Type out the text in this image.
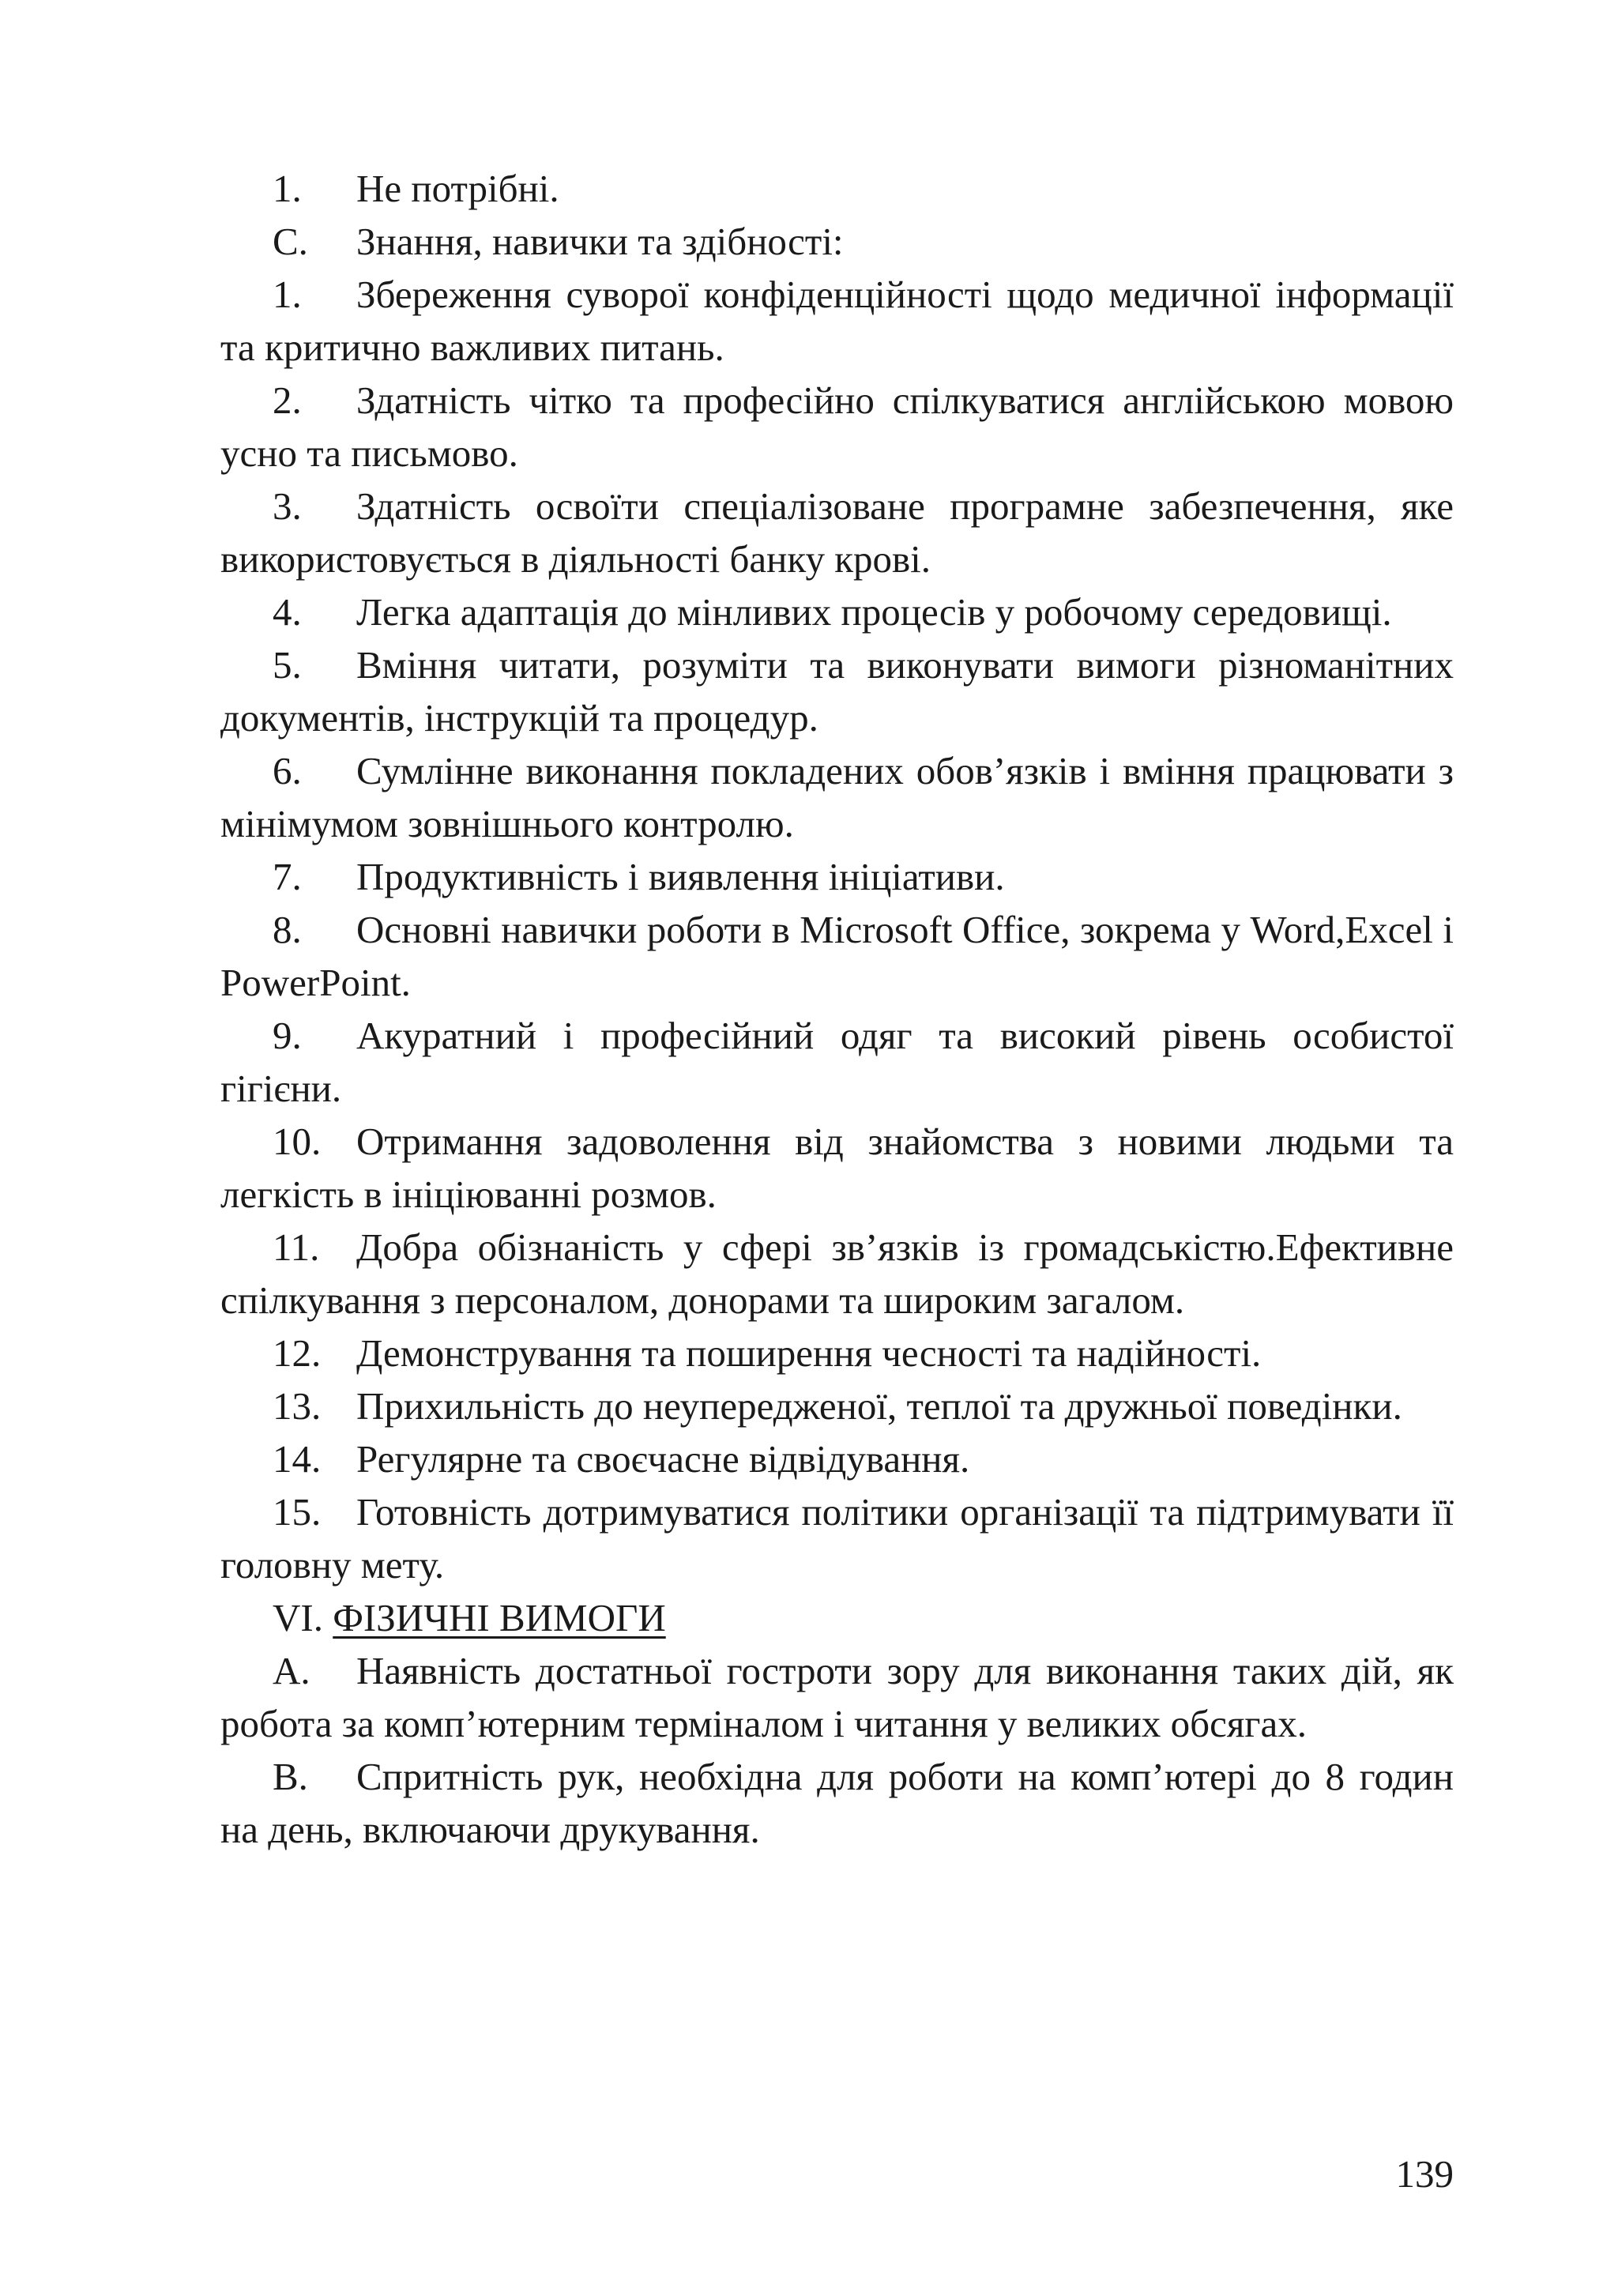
1. Не потрібні.

С. Знання, навички та здібності:

1. Збереження суворої конфіденційності щодо медичної інформації та критично важливих питань.

2. Здатність чітко та професійно спілкуватися англійською мовою усно та письмово.

3. Здатність освоїти спеціалізоване програмне забезпечення, яке використовується в діяльності банку крові.

4. Легка адаптація до мінливих процесів у робочому середовищі.

5. Вміння читати, розуміти та виконувати вимоги різноманітних документів, інструкцій та процедур.

6. Сумлінне виконання покладених обов’язків і вміння працювати з мінімумом зовнішнього контролю.

7. Продуктивність і виявлення ініціативи.

8. Основні навички роботи в Microsoft Office, зокрема у Word,Excel і PowerPoint.

9. Акуратний і професійний одяг та високий рівень особистої гігієни.

10. Отримання задоволення від знайомства з новими людьми та легкість в ініціюванні розмов.

11. Добра обізнаність у сфері зв’язків із громадськістю.Ефективне спілкування з персоналом, донорами та широким загалом.

12. Демонстрування та поширення чесності та надійності.

13. Прихильність до неупередженої, теплої та дружньої поведінки.

14. Регулярне та своєчасне відвідування.

15. Готовність дотримуватися політики організації та підтримувати її головну мету.

VI. ФІЗИЧНІ ВИМОГИ

А. Наявність достатньої гостроти зору для виконання таких дій, як робота за комп’ютерним терміналом і читання у великих обсягах.

В. Спритність рук, необхідна для роботи на комп’ютері до 8 годин на день, включаючи друкування.

139
